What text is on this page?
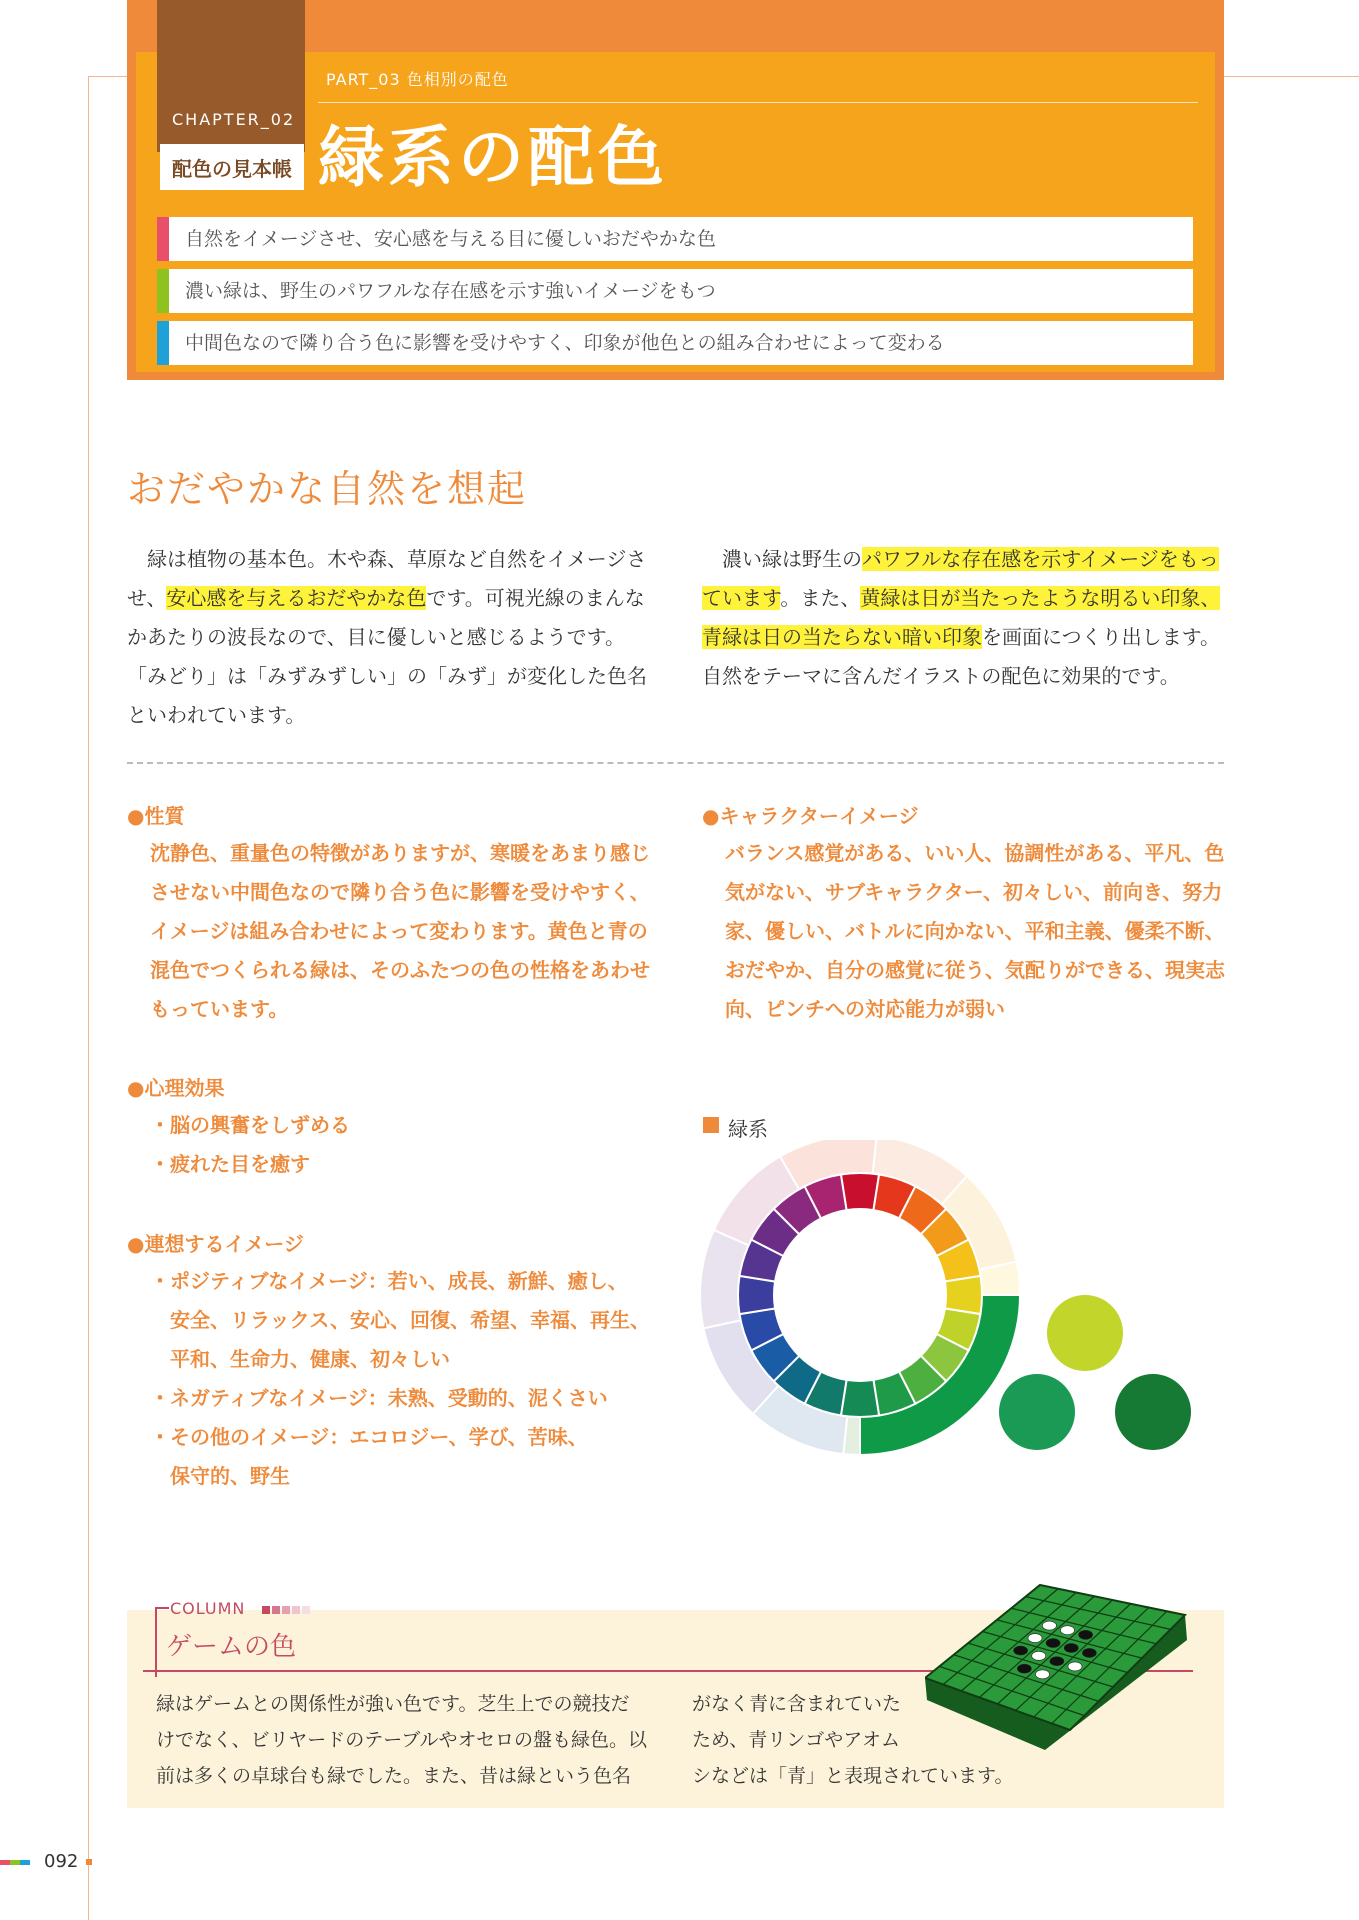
CHAPTER_02
配色の見本帳
PART_03 色相別の配色
緑系の配色
自然をイメージさせ、安心感を与える目に優しいおだやかな色
濃い緑は、野生のパワフルな存在感を示す強いイメージをもつ
中間色なので隣り合う色に影響を受けやすく、印象が他色との組み合わせによって変わる
おだやかな自然を想起
　緑は植物の基本色。木や森、草原など自然をイメージさせ、安心感を与えるおだやかな色です。可視光線のまんなかあたりの波長なので、目に優しいと感じるようです。「みどり」は「みずみずしい」の「みず」が変化した色名といわれています。
　濃い緑は野生のパワフルな存在感を示すイメージをもっています。また、黄緑は日が当たったような明るい印象、青緑は日の当たらない暗い印象を画面につくり出します。自然をテーマに含んだイラストの配色に効果的です。
●性質
沈静色、重量色の特徴がありますが、寒暖をあまり感じさせない中間色なので隣り合う色に影響を受けやすく、イメージは組み合わせによって変わります。黄色と青の混色でつくられる緑は、そのふたつの色の性格をあわせもっています。
●キャラクターイメージ
バランス感覚がある、いい人、協調性がある、平凡、色気がない、サブキャラクター、初々しい、前向き、努力家、優しい、バトルに向かない、平和主義、優柔不断、おだやか、自分の感覚に従う、気配りができる、現実志向、ピンチへの対応能力が弱い
●心理効果
・脳の興奮をしずめる
・疲れた目を癒す
●連想するイメージ
・ポジティブなイメージ：若い、成長、新鮮、癒し、
　安全、リラックス、安心、回復、希望、幸福、再生、
　平和、生命力、健康、初々しい
・ネガティブなイメージ：未熟、受動的、泥くさい
・その他のイメージ：エコロジー、学び、苦味、
　保守的、野生
緑系
COLUMN
ゲームの色
緑はゲームとの関係性が強い色です。芝生上での競技だ
けでなく、ビリヤードのテーブルやオセロの盤も緑色。以
前は多くの卓球台も緑でした。また、昔は緑という色名
がなく青に含まれていた
ため、青リンゴやアオム
シなどは「青」と表現されています。
092
